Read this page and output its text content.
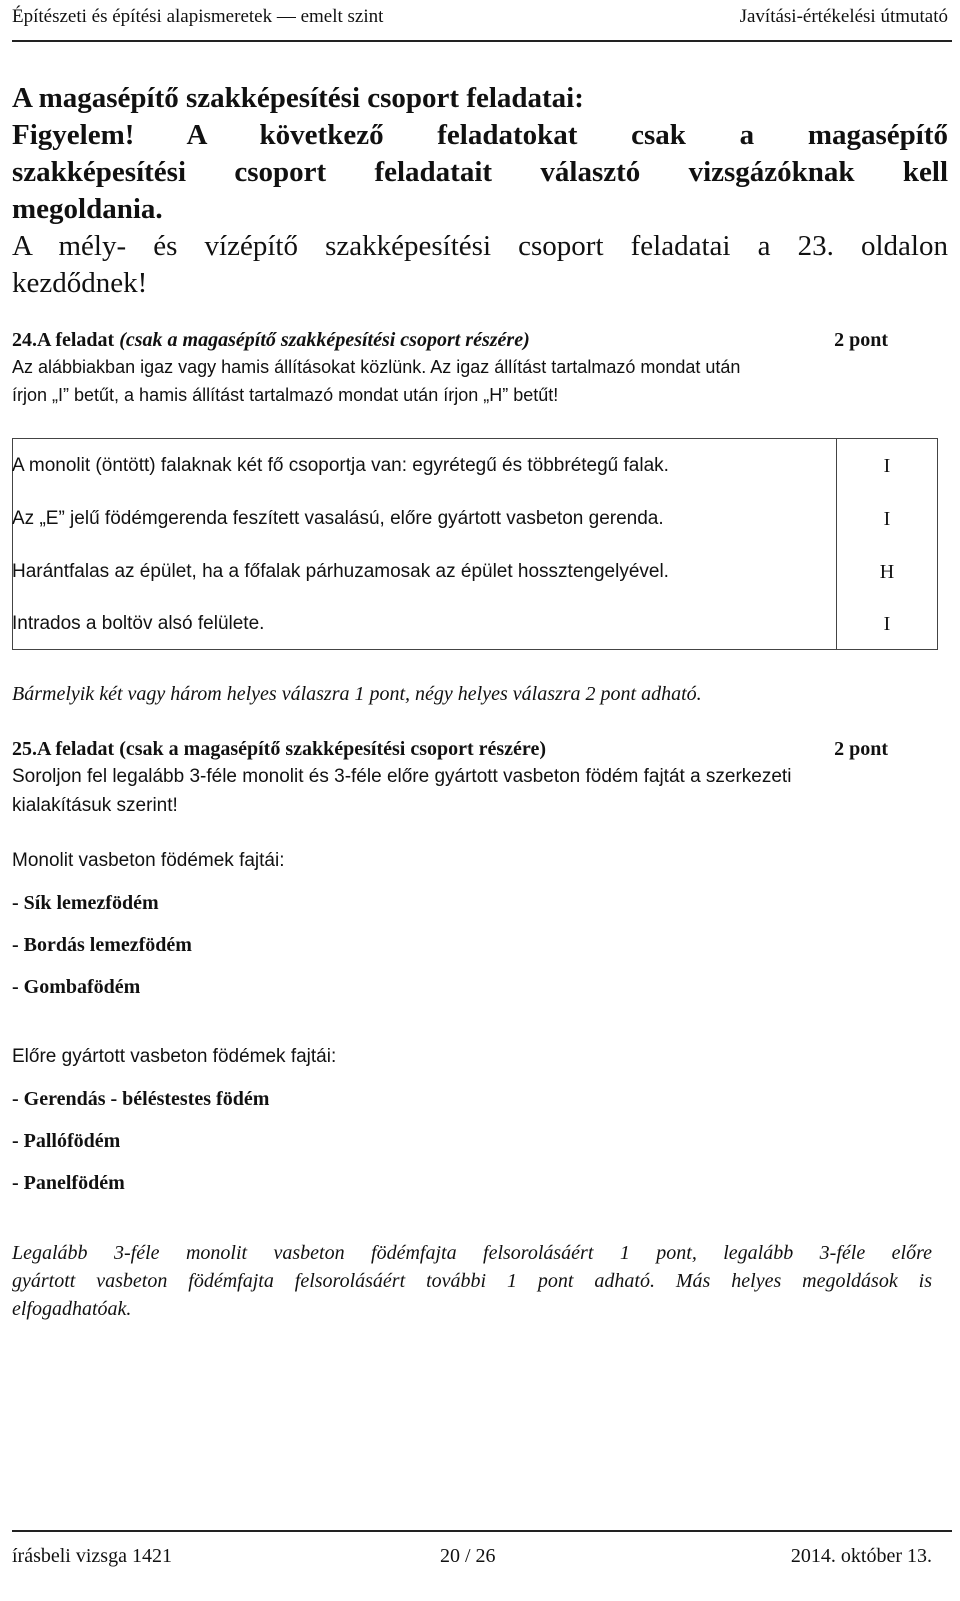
Építészeti és építési alapismeretek — emelt szint	Javítási-értékelési útmutató
A magasépítő szakképesítési csoport feladatai:
Figyelem! A következő feladatokat csak a magasépítő
szakképesítési csoport feladatait választó vizsgázóknak kell
megoldania.
A mély- és vízépítő szakképesítési csoport feladatai a 23. oldalon
kezdődnek!
24.A feladat (csak a magasépítő szakképesítési csoport részére)	2 pont
Az alábbiakban igaz vagy hamis állításokat közlünk. Az igaz állítást tartalmazó mondat után
írjon „I” betűt, a hamis állítást tartalmazó mondat után írjon „H” betűt!
A monolit (öntött) falaknak két fő csoportja van: egyrétegű és többrétegű falak.	I
Az „E” jelű födémgerenda feszített vasalású, előre gyártott vasbeton gerenda.	I
Harántfalas az épület, ha a főfalak párhuzamosak az épület hossztengelyével.	H
Intrados a boltöv alsó felülete.	I
Bármelyik két vagy három helyes válaszra 1 pont, négy helyes válaszra 2 pont adható.
25.A feladat (csak a magasépítő szakképesítési csoport részére)	2 pont
Soroljon fel legalább 3-féle monolit és 3-féle előre gyártott vasbeton födém fajtát a szerkezeti
kialakításuk szerint!
Monolit vasbeton födémek fajtái:
- Sík lemezfödém
- Bordás lemezfödém
- Gombafödém
Előre gyártott vasbeton födémek fajtái:
- Gerendás - béléstestes födém
- Pallófödém
- Panelfödém
Legalább 3-féle monolit vasbeton födémfajta felsorolásáért 1 pont, legalább 3-féle előre
gyártott vasbeton födémfajta felsorolásáért további 1 pont adható. Más helyes megoldások is
elfogadhatóak.
írásbeli vizsga 1421	20 / 26	2014. október 13.
